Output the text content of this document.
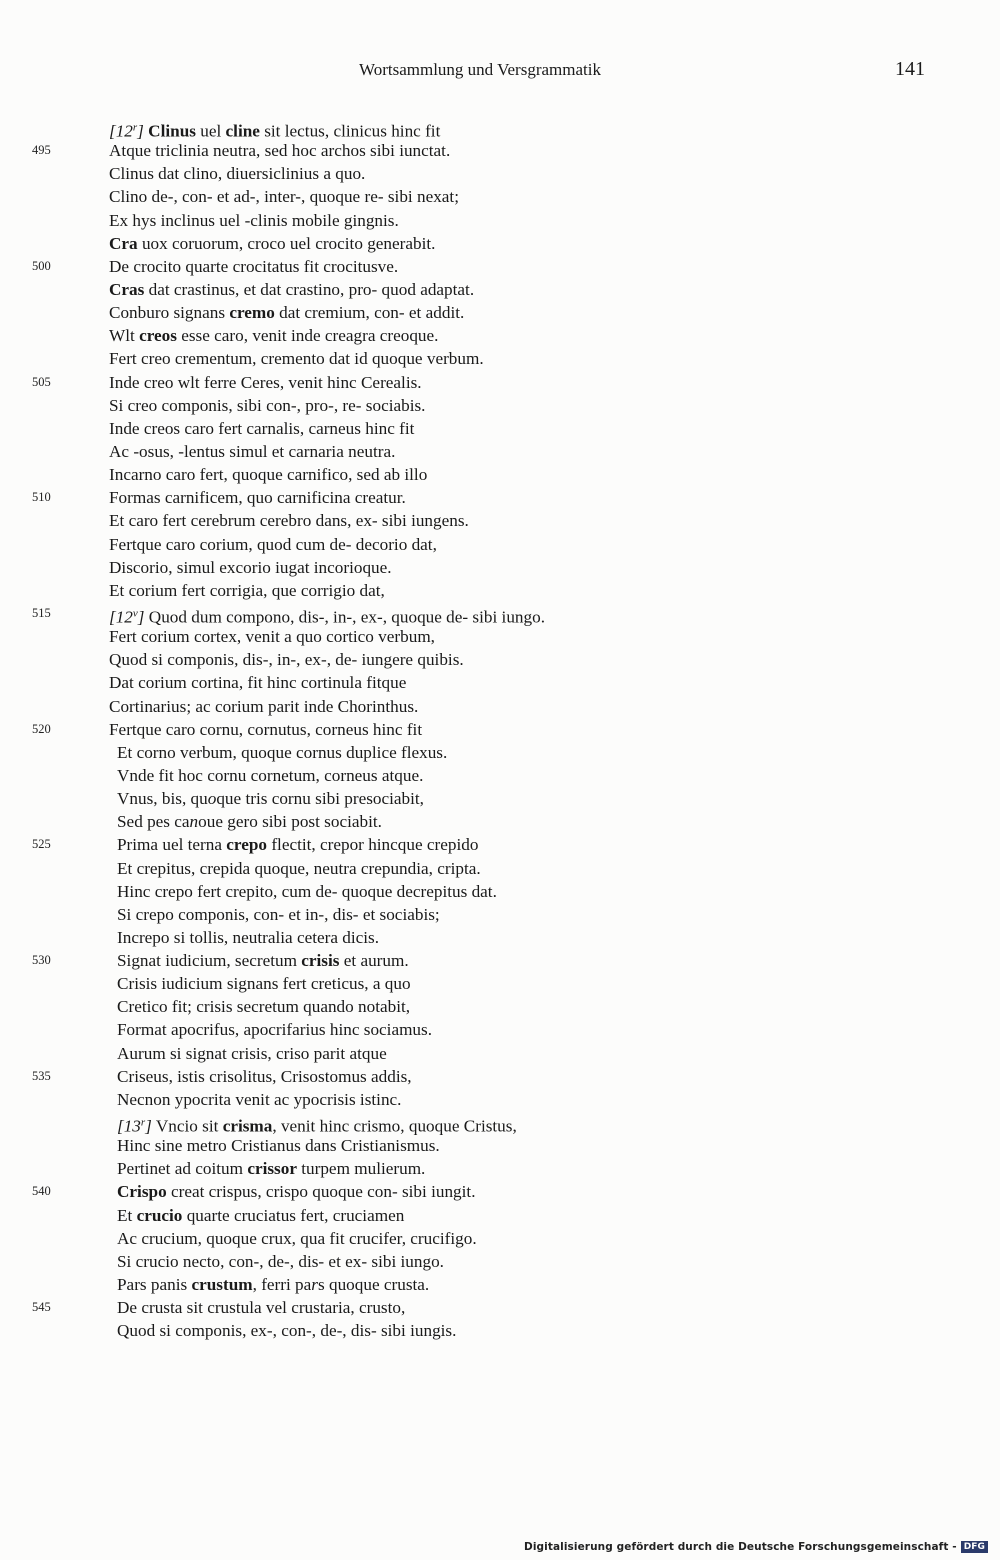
Wortsammlung und Versgrammatik	141
[12$^r$] Clinus uel cline sit lectus, clinicus hinc fit
495	Atque triclinia neutra, sed hoc archos sibi iunctat.
Clinus dat clino, diuersiclinius a quo.
Clino de-, con- et ad-, inter-, quoque re- sibi nexat;
Ex hys inclinus uel -clinis mobile gingnis.
Cra uox coruorum, croco uel crocito generabit.
500	De crocito quarte crocitatus fit crocitusve.
Cras dat crastinus, et dat crastino, pro- quod adaptat.
Conburo signans cremo dat cremium, con- et addit.
Wlt creos esse caro, venit inde creagra creoque.
Fert creo crementum, cremento dat id quoque verbum.
505	Inde creo wlt ferre Ceres, venit hinc Cerealis.
Si creo componis, sibi con-, pro-, re- sociabis.
Inde creos caro fert carnalis, carneus hinc fit
Ac -osus, -lentus simul et carnaria neutra.
Incarno caro fert, quoque carnifico, sed ab illo
510	Formas carnificem, quo carnificina creatur.
Et caro fert cerebrum cerebro dans, ex- sibi iungens.
Fertque caro corium, quod cum de- decorio dat,
Discorio, simul excorio iugat incorioque.
Et corium fert corrigia, que corrigio dat,
515	[12$^v$] Quod dum compono, dis-, in-, ex-, quoque de- sibi iungo.
Fert corium cortex, venit a quo cortico verbum,
Quod si componis, dis-, in-, ex-, de- iungere quibis.
Dat corium cortina, fit hinc cortinula fitque
Cortinarius; ac corium parit inde Chorinthus.
520	Fertque caro cornu, cornutus, corneus hinc fit
Et corno verbum, quoque cornus duplice flexus.
Vnde fit hoc cornu cornetum, corneus atque.
Vnus, bis, quoque tris cornu sibi presociabit,
Sed pes canoue gero sibi post sociabit.
525	Prima uel terna crepo flectit, crepor hincque crepido
Et crepitus, crepida quoque, neutra crepundia, cripta.
Hinc crepo fert crepito, cum de- quoque decrepitus dat.
Si crepo componis, con- et in-, dis- et sociabis;
Increpo si tollis, neutralia cetera dicis.
530	Signat iudicium, secretum crisis et aurum.
Crisis iudicium signans fert creticus, a quo
Cretico fit; crisis secretum quando notabit,
Format apocrifus, apocrifarius hinc sociamus.
Aurum si signat crisis, criso parit atque
535	Criseus, istis crisolitus, Crisostomus addis,
Necnon ypocrita venit ac ypocrisis istinc.
[13$^r$] Vncio sit crisma, venit hinc crismo, quoque Cristus,
Hinc sine metro Cristianus dans Cristianismus.
Pertinet ad coitum crissor turpem mulierum.
540	Crispo creat crispus, crispo quoque con- sibi iungit.
Et crucio quarte cruciatus fert, cruciamen
Ac crucium, quoque crux, qua fit crucifer, crucifigo.
Si crucio necto, con-, de-, dis- et ex- sibi iungo.
Pars panis crustum, ferri pars quoque crusta.
545	De crusta sit crustula vel crustaria, crusto,
Quod si componis, ex-, con-, de-, dis- sibi iungis.
Digitalisierung gefördert durch die Deutsche Forschungsgemeinschaft - DFG
